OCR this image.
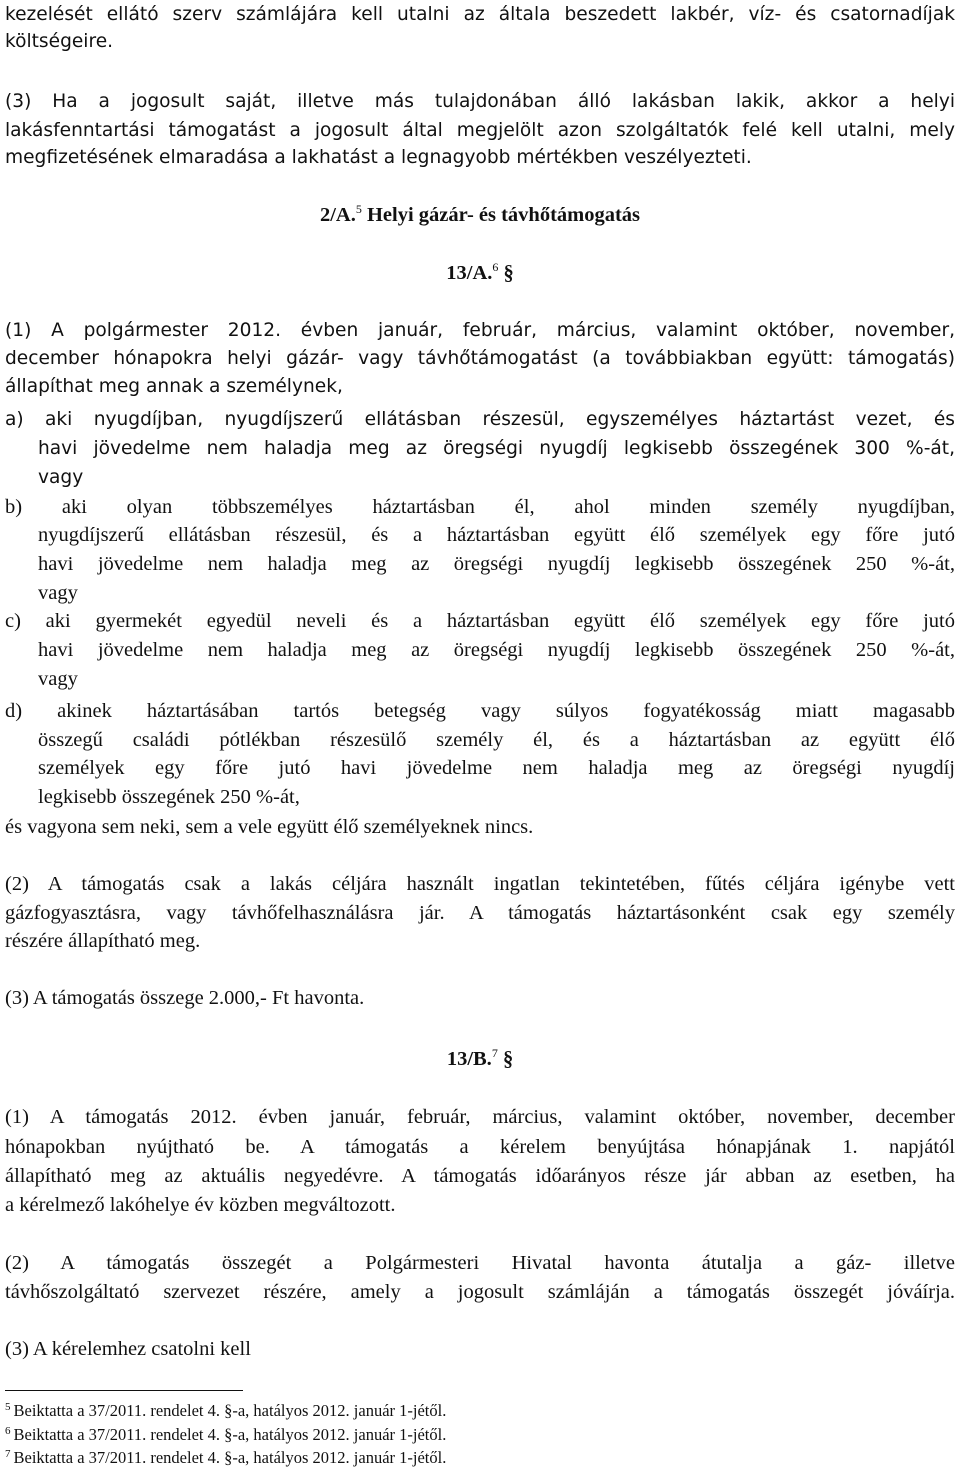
kezelését ellátó szerv számlájára kell utalni az általa beszedett lakbér, víz- és csatornadíjak
költségeire.
(3) Ha a jogosult saját, illetve más tulajdonában álló lakásban lakik, akkor a helyi
lakásfenntartási támogatást a jogosult által megjelölt azon szolgáltatók felé kell utalni, mely
megfizetésének elmaradása a lakhatást a legnagyobb mértékben veszélyezteti.
2/A.$^5$ Helyi gázár- és távhőtámogatás
13/A.$^6$ §
(1) A polgármester 2012. évben január, február, március, valamint október, november,
december hónapokra helyi gázár- vagy távhőtámogatást (a továbbiakban együtt: támogatás)
állapíthat meg annak a személynek,
a) aki nyugdíjban, nyugdíjszerű ellátásban részesül, egyszemélyes háztartást vezet, és
havi jövedelme nem haladja meg az öregségi nyugdíj legkisebb összegének 300 %-át,
vagy
b) aki olyan többszemélyes háztartásban él, ahol minden személy nyugdíjban,
nyugdíjszerű ellátásban részesül, és a háztartásban együtt élő személyek egy főre jutó
havi jövedelme nem haladja meg az öregségi nyugdíj legkisebb összegének 250 %-át,
vagy
c) aki gyermekét egyedül neveli és a háztartásban együtt élő személyek egy főre jutó
havi jövedelme nem haladja meg az öregségi nyugdíj legkisebb összegének 250 %-át,
vagy
d) akinek háztartásában tartós betegség vagy súlyos fogyatékosság miatt magasabb
összegű családi pótlékban részesülő személy él, és a háztartásban az együtt élő
személyek egy főre jutó havi jövedelme nem haladja meg az öregségi nyugdíj
legkisebb összegének 250 %-át,
és vagyona sem neki, sem a vele együtt élő személyeknek nincs.
(2) A támogatás csak a lakás céljára használt ingatlan tekintetében, fűtés céljára igénybe vett
gázfogyasztásra, vagy távhőfelhasználásra jár. A támogatás háztartásonként csak egy személy
részére állapítható meg.
(3) A támogatás összege 2.000,- Ft havonta.
13/B.$^7$ §
(1) A támogatás 2012. évben január, február, március, valamint október, november, december
hónapokban nyújtható be. A támogatás a kérelem benyújtása hónapjának 1. napjától
állapítható meg az aktuális negyedévre. A támogatás időarányos része jár abban az esetben, ha
a kérelmező lakóhelye év közben megváltozott.
(2) A támogatás összegét a Polgármesteri Hivatal havonta átutalja a gáz- illetve
távhőszolgáltató szervezet részére, amely a jogosult számláján a támogatás összegét jóváírja.
(3) A kérelemhez csatolni kell
$^5$ Beiktatta a 37/2011. rendelet 4. §-a, hatályos 2012. január 1-jétől.
$^6$ Beiktatta a 37/2011. rendelet 4. §-a, hatályos 2012. január 1-jétől.
$^7$ Beiktatta a 37/2011. rendelet 4. §-a, hatályos 2012. január 1-jétől.
